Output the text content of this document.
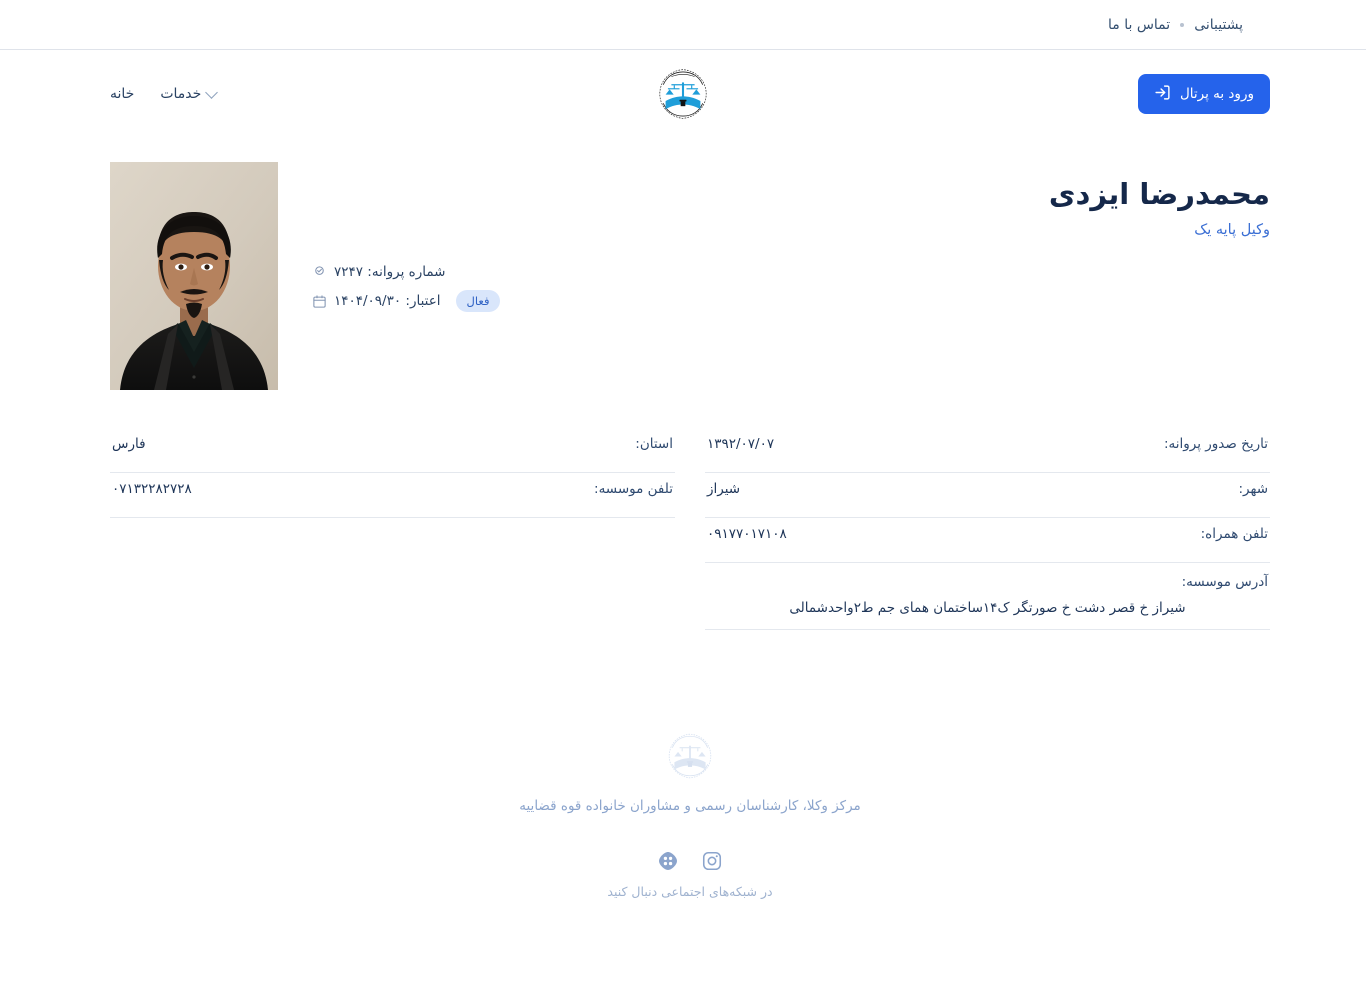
پشتیبانی
تماس با ما
ورود به پرتال
خدمات
خانه
محمدرضا ایزدی
وکیل پایه یک
شماره پروانه: ۷۲۴۷
فعال
اعتبار: ۱۴۰۴/۰۹/۳۰
تاریخ صدور پروانه:
۱۳۹۲/۰۷/۰۷
شهر:
شیراز
تلفن همراه:
۰۹۱۷۷۰۱۷۱۰۸
آدرس موسسه:
شیراز خ قصر دشت خ صورتگر ک۱۴ساختمان همای جم ط۲واحدشمالی
استان:
فارس
تلفن موسسه:
۰۷۱۳۲۲۸۲۷۲۸
مرکز وکلا، کارشناسان رسمی و مشاوران خانواده قوه قضاییه
در شبکه‌های اجتماعی دنبال کنید
